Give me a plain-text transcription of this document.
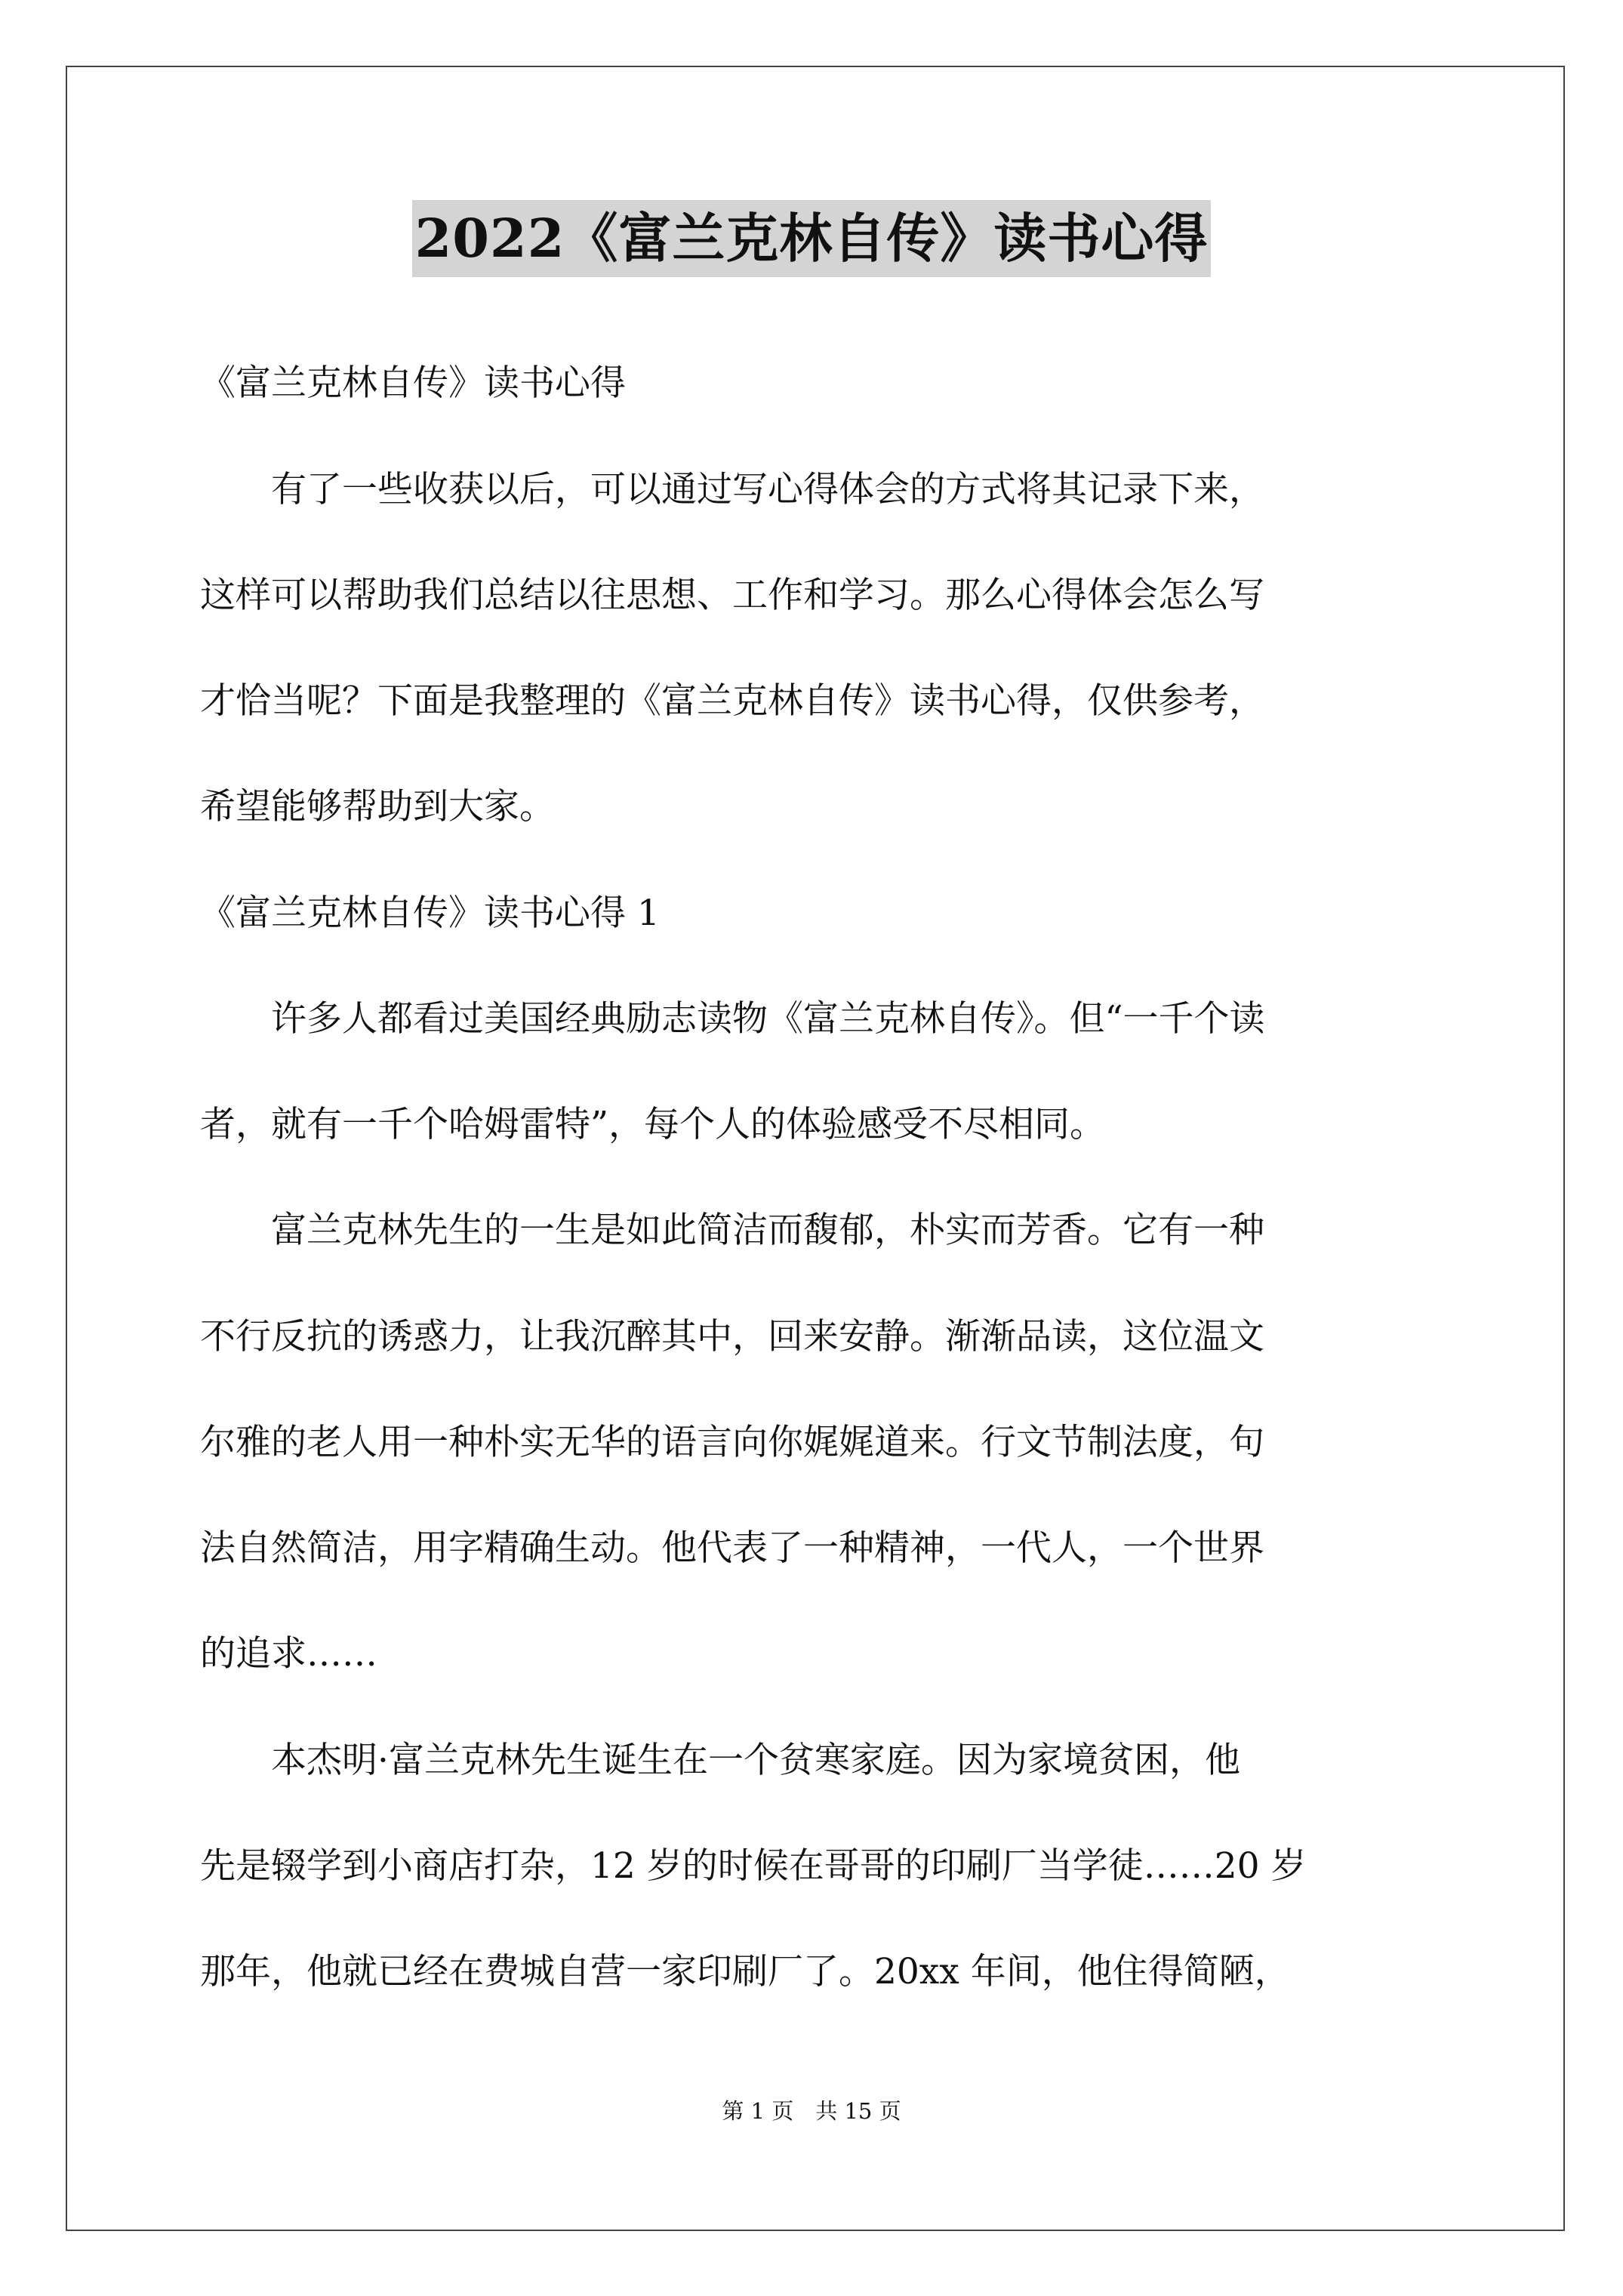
2022《富兰克林自传》读书心得
《富兰克林自传》读书心得
　　有了一些收获以后，可以通过写心得体会的方式将其记录下来，
这样可以帮助我们总结以往思想、工作和学习。那么心得体会怎么写
才恰当呢？下面是我整理的《富兰克林自传》读书心得，仅供参考，
希望能够帮助到大家。
《富兰克林自传》读书心得 1
　　许多人都看过美国经典励志读物《富兰克林自传》。但“一千个读
者，就有一千个哈姆雷特”，每个人的体验感受不尽相同。
　　富兰克林先生的一生是如此简洁而馥郁，朴实而芳香。它有一种
不行反抗的诱惑力，让我沉醉其中，回来安静。渐渐品读，这位温文
尔雅的老人用一种朴实无华的语言向你娓娓道来。行文节制法度，句
法自然简洁，用字精确生动。他代表了一种精神，一代人，一个世界
的追求……
　　本杰明·富兰克林先生诞生在一个贫寒家庭。因为家境贫困，他
先是辍学到小商店打杂，12 岁的时候在哥哥的印刷厂当学徒……20 岁
那年，他就已经在费城自营一家印刷厂了。20xx 年间，他住得简陋，
第 1 页　共 15 页
